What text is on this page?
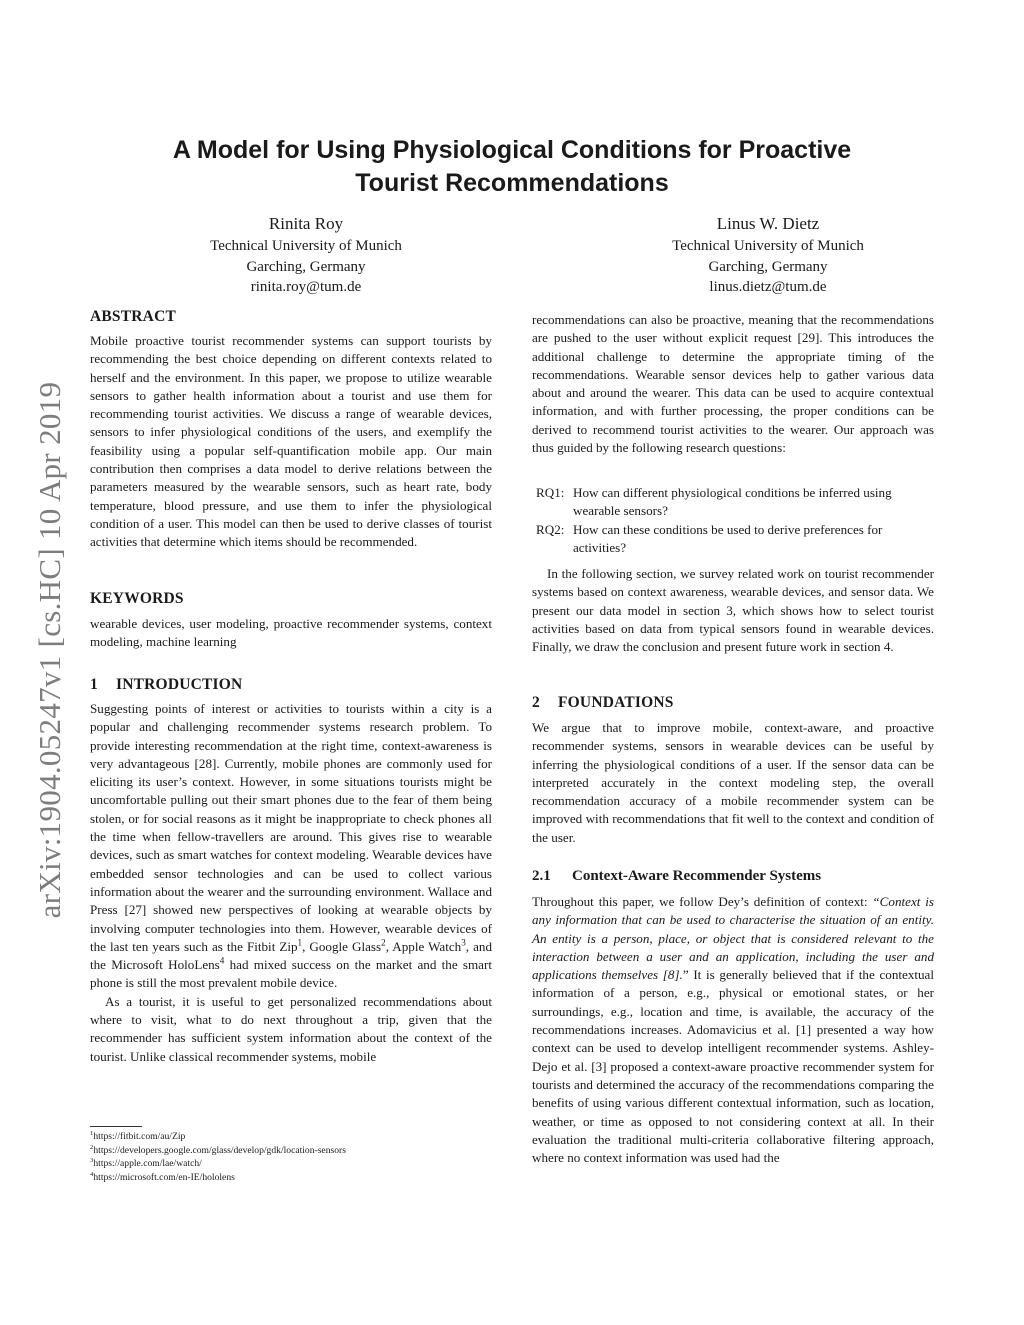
arXiv:1904.05247v1 [cs.HC] 10 Apr 2019
A Model for Using Physiological Conditions for Proactive
Tourist Recommendations
Rinita Roy
Technical University of Munich
Garching, Germany
rinita.roy@tum.de
Linus W. Dietz
Technical University of Munich
Garching, Germany
linus.dietz@tum.de
ABSTRACT

Mobile proactive tourist recommender systems can support tourists by recommending the best choice depending on different contexts related to herself and the environment. In this paper, we propose to utilize wearable sensors to gather health information about a tourist and use them for recommending tourist activities. We discuss a range of wearable devices, sensors to infer physiological conditions of the users, and exemplify the feasibility using a popular self-quantification mobile app. Our main contribution then comprises a data model to derive relations between the parameters measured by the wearable sensors, such as heart rate, body temperature, blood pressure, and use them to infer the physiological condition of a user. This model can then be used to derive classes of tourist activities that determine which items should be recommended.

KEYWORDS

wearable devices, user modeling, proactive recommender systems, context modeling, machine learning

1 INTRODUCTION

Suggesting points of interest or activities to tourists within a city is a popular and challenging recommender systems research problem. To provide interesting recommendation at the right time, context-awareness is very advantageous [28]. Currently, mobile phones are commonly used for eliciting its user’s context. However, in some situations tourists might be uncomfortable pulling out their smart phones due to the fear of them being stolen, or for social reasons as it might be inappropriate to check phones all the time when fellow-travellers are around. This gives rise to wearable devices, such as smart watches for context modeling. Wearable devices have embedded sensor technologies and can be used to collect various information about the wearer and the surrounding environment. Wallace and Press [27] showed new perspectives of looking at wearable objects by involving computer technologies into them. However, wearable devices of the last ten years such as the Fitbit Zip$^1$, Google Glass$^2$, Apple Watch$^3$, and the Microsoft HoloLens$^4$ had mixed success on the market and the smart phone is still the most prevalent mobile device.

As a tourist, it is useful to get personalized recommendations about where to visit, what to do next throughout a trip, given that the recommender has sufficient system information about the context of the tourist. Unlike classical recommender systems, mobile

$^1$https://fitbit.com/au/Zip
$^2$https://developers.google.com/glass/develop/gdk/location-sensors
$^3$https://apple.com/lae/watch/
$^4$https://microsoft.com/en-IE/hololens

recommendations can also be proactive, meaning that the recommendations are pushed to the user without explicit request [29]. This introduces the additional challenge to determine the appropriate timing of the recommendations. Wearable sensor devices help to gather various data about and around the wearer. This data can be used to acquire contextual information, and with further processing, the proper conditions can be derived to recommend tourist activities to the wearer. Our approach was thus guided by the following research questions:

RQ1: How can different physiological conditions be inferred using wearable sensors?
RQ2: How can these conditions be used to derive preferences for activities?

In the following section, we survey related work on tourist recommender systems based on context awareness, wearable devices, and sensor data. We present our data model in section 3, which shows how to select tourist activities based on data from typical sensors found in wearable devices. Finally, we draw the conclusion and present future work in section 4.

2 FOUNDATIONS

We argue that to improve mobile, context-aware, and proactive recommender systems, sensors in wearable devices can be useful by inferring the physiological conditions of a user. If the sensor data can be interpreted accurately in the context modeling step, the overall recommendation accuracy of a mobile recommender system can be improved with recommendations that fit well to the context and condition of the user.

2.1 Context-Aware Recommender Systems

Throughout this paper, we follow Dey’s definition of context: “Context is any information that can be used to characterise the situation of an entity. An entity is a person, place, or object that is considered relevant to the interaction between a user and an application, including the user and applications themselves [8].” It is generally believed that if the contextual information of a person, e.g., physical or emotional states, or her surroundings, e.g., location and time, is available, the accuracy of the recommendations increases. Adomavicius et al. [1] presented a way how context can be used to develop intelligent recommender systems. Ashley-Dejo et al. [3] proposed a context-aware proactive recommender system for tourists and determined the accuracy of the recommendations comparing the benefits of using various different contextual information, such as location, weather, or time as opposed to not considering context at all. In their evaluation the traditional multi-criteria collaborative filtering approach, where no context information was used had the
